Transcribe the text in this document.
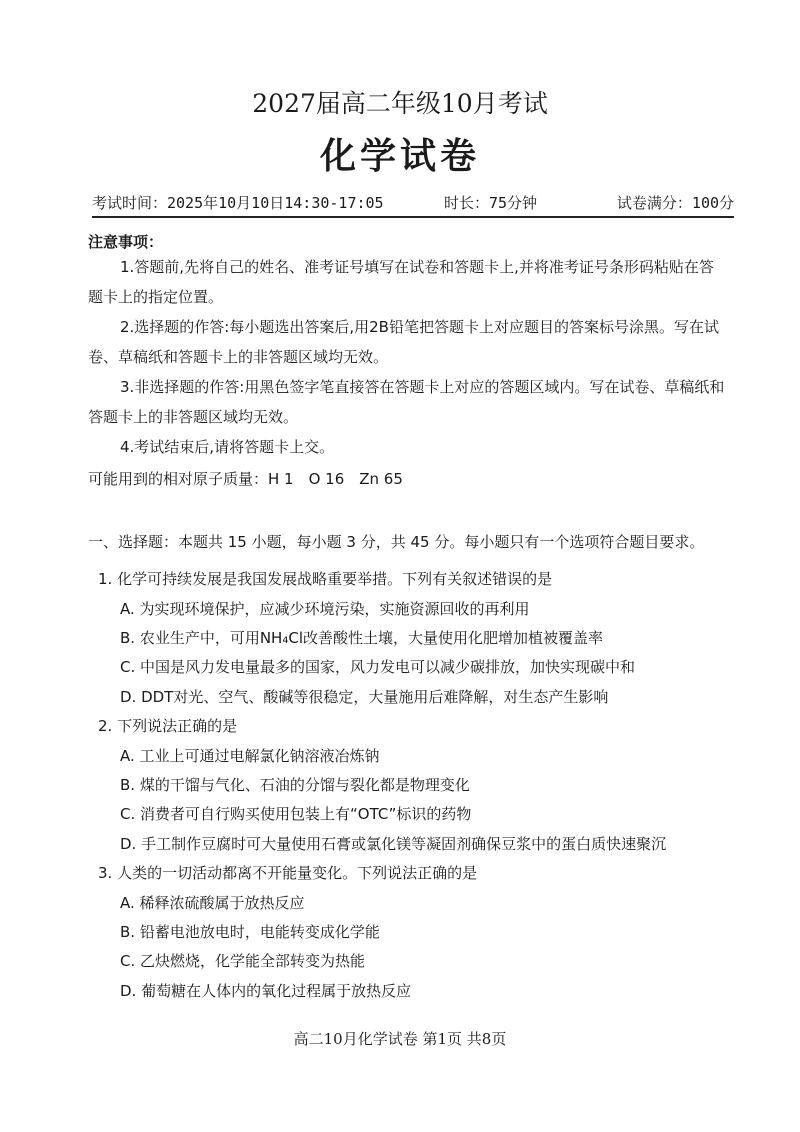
2027届高二年级10月考试
化学试卷
考试时间：2025年10月10日14:30-17:05	时长：75分钟	试卷满分：100分
注意事项：
1.答题前,先将自己的姓名、准考证号填写在试卷和答题卡上,并将准考证号条形码粘贴在答题卡上的指定位置。
2.选择题的作答:每小题选出答案后,用2B铅笔把答题卡上对应题目的答案标号涂黑。写在试卷、草稿纸和答题卡上的非答题区域均无效。
3.非选择题的作答:用黑色签字笔直接答在答题卡上对应的答题区域内。写在试卷、草稿纸和答题卡上的非答题区域均无效。
4.考试结束后,请将答题卡上交。
可能用到的相对原子质量：H 1　O 16　Zn 65
一、选择题：本题共 15 小题，每小题 3 分，共 45 分。每小题只有一个选项符合题目要求。
1. 化学可持续发展是我国发展战略重要举措。下列有关叙述错误的是
A. 为实现环境保护，应减少环境污染，实施资源回收的再利用
B. 农业生产中，可用NH₄Cl改善酸性土壤，大量使用化肥增加植被覆盖率
C. 中国是风力发电量最多的国家，风力发电可以减少碳排放，加快实现碳中和
D. DDT对光、空气、酸碱等很稳定，大量施用后难降解，对生态产生影响
2. 下列说法正确的是
A. 工业上可通过电解氯化钠溶液冶炼钠
B. 煤的干馏与气化、石油的分馏与裂化都是物理变化
C. 消费者可自行购买使用包装上有“OTC”标识的药物
D. 手工制作豆腐时可大量使用石膏或氯化镁等凝固剂确保豆浆中的蛋白质快速聚沉
3. 人类的一切活动都离不开能量变化。下列说法正确的是
A. 稀释浓硫酸属于放热反应
B. 铅蓄电池放电时，电能转变成化学能
C. 乙炔燃烧，化学能全部转变为热能
D. 葡萄糖在人体内的氧化过程属于放热反应
高二10月化学试卷 第1页 共8页
